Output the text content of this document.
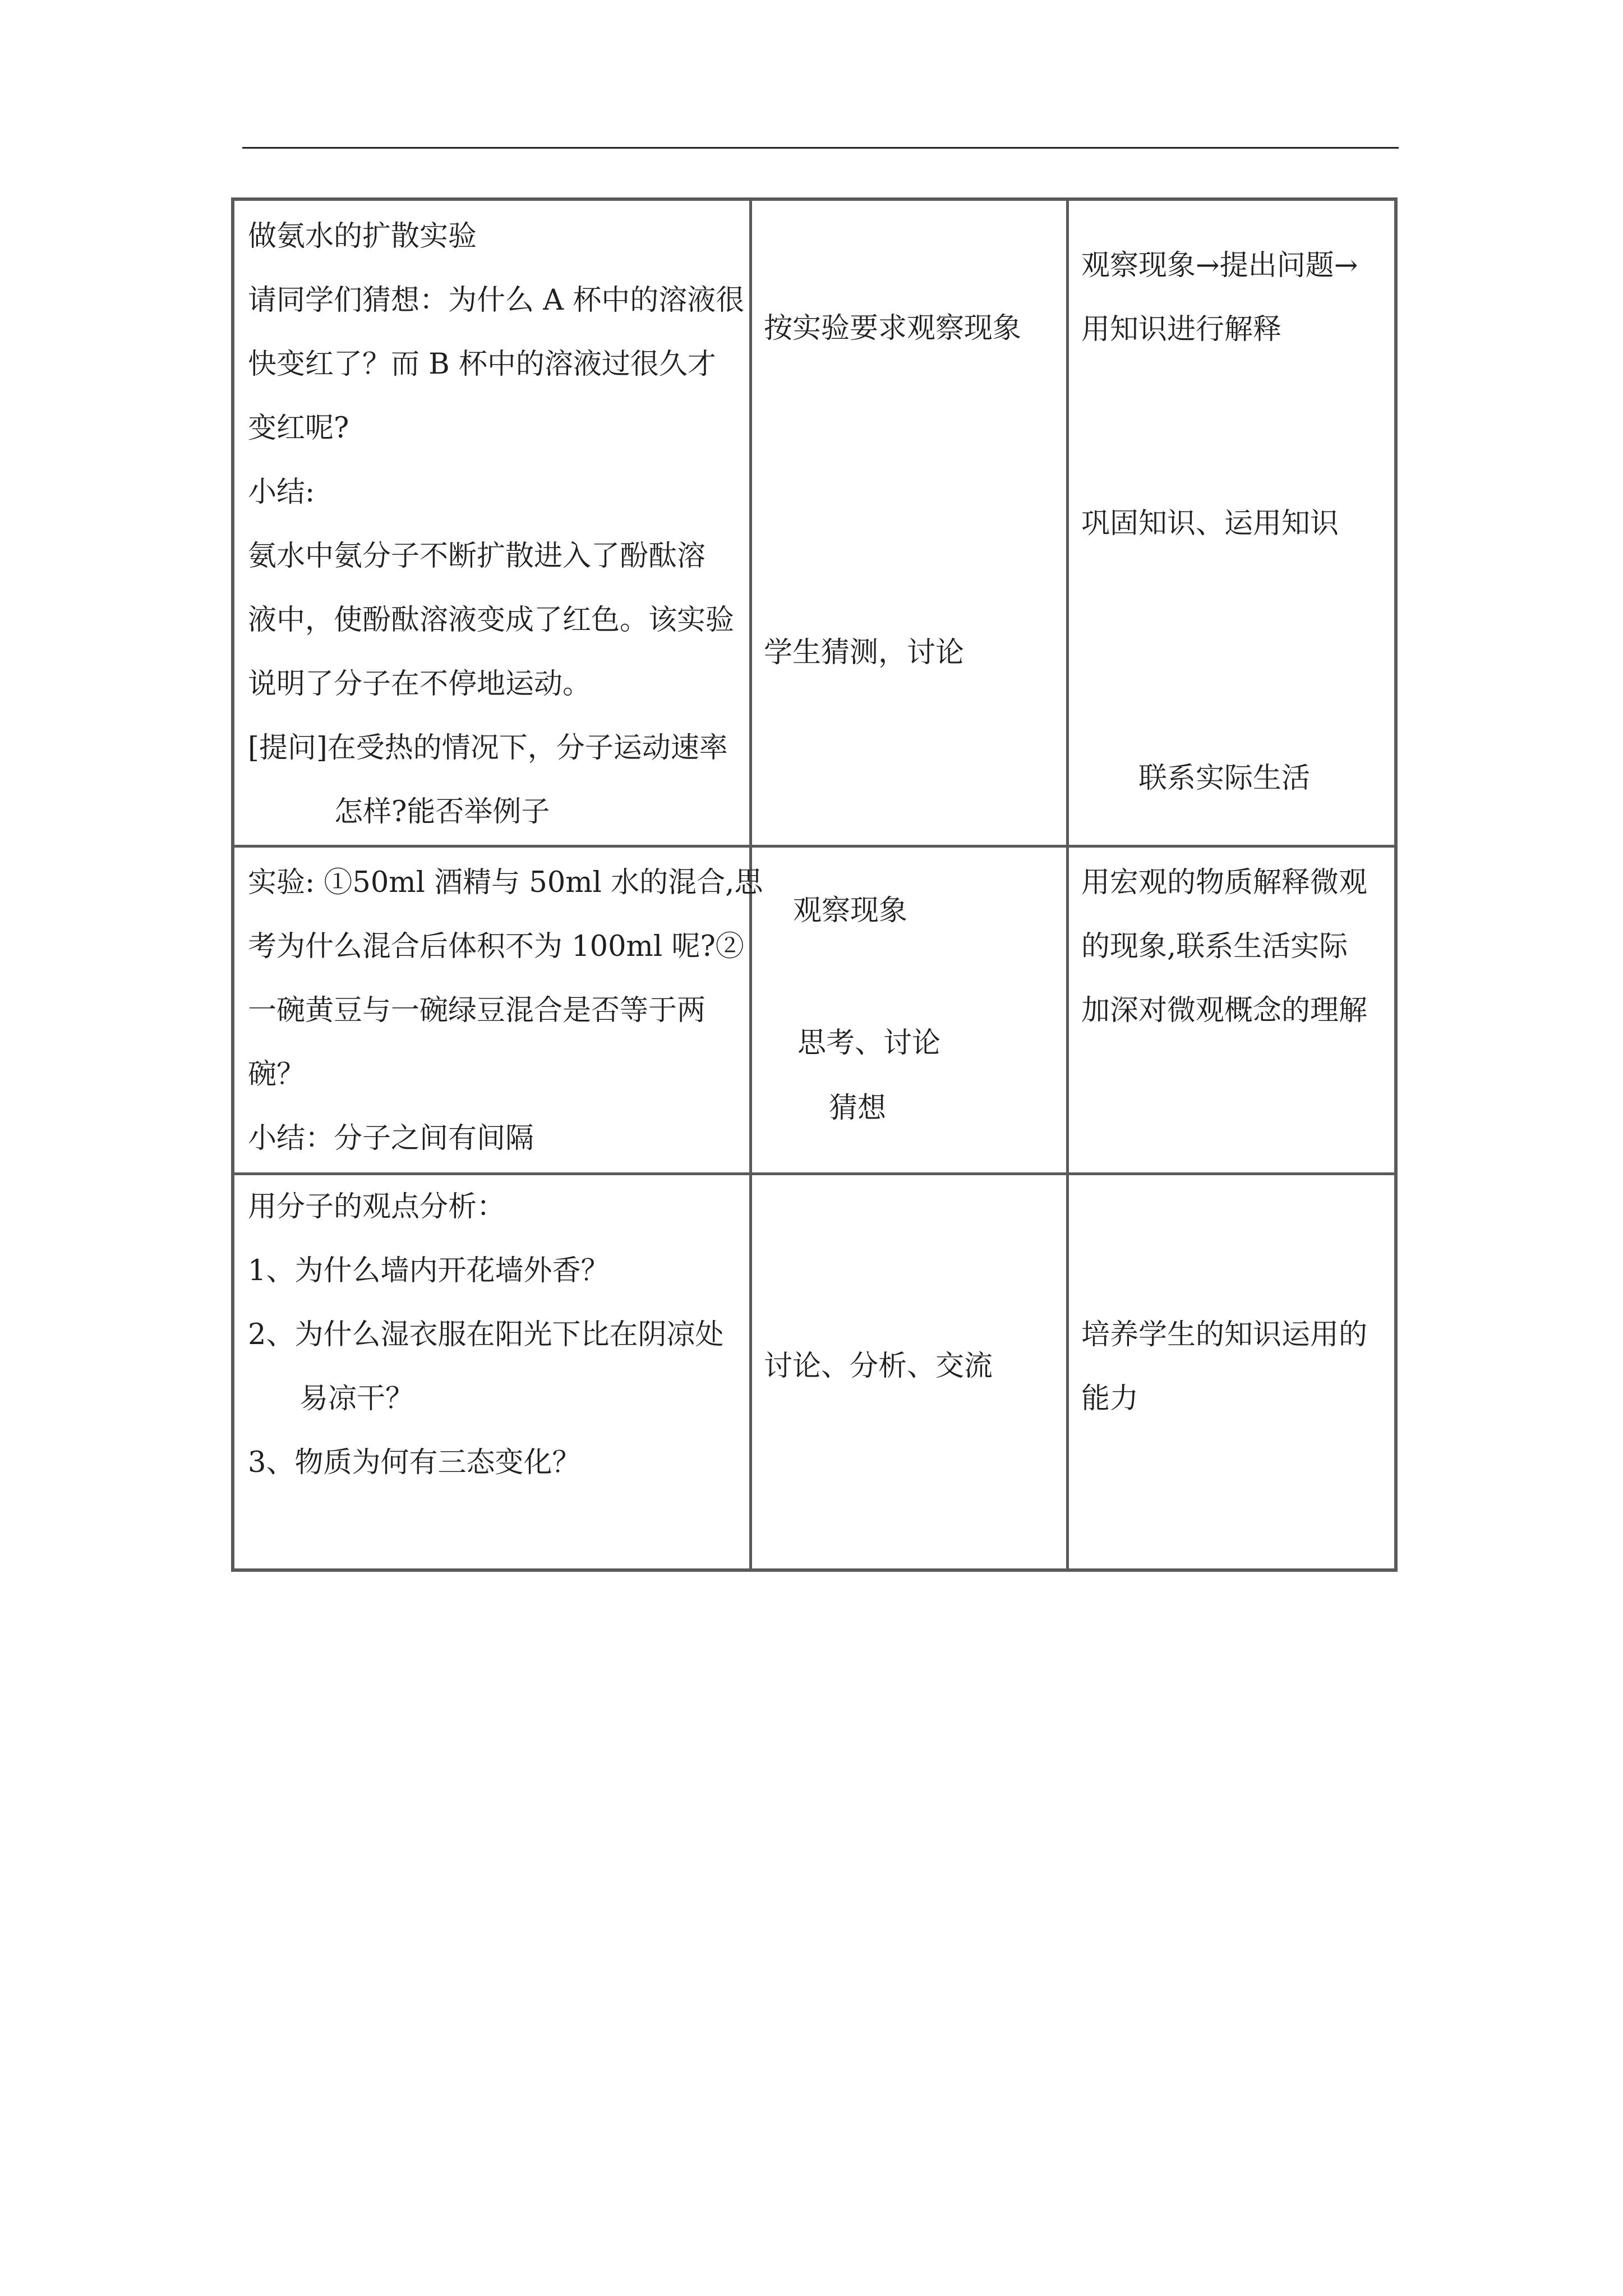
做氨水的扩散实验
请同学们猜想：为什么 A 杯中的溶液很
快变红了？而 B 杯中的溶液过很久才
变红呢?
小结:
氨水中氨分子不断扩散进入了酚酞溶
液中，使酚酞溶液变成了红色。该实验
说明了分子在不停地运动。
[提问]在受热的情况下，分子运动速率
怎样?能否举例子
按实验要求观察现象
学生猜测，讨论
观察现象→提出问题→
用知识进行解释
巩固知识、运用知识
联系实际生活
实验: ①50ml 酒精与 50ml 水的混合,思
考为什么混合后体积不为 100ml 呢?②
一碗黄豆与一碗绿豆混合是否等于两
碗？
小结：分子之间有间隔
观察现象
思考、讨论
猜想
用宏观的物质解释微观
的现象,联系生活实际
加深对微观概念的理解
用分子的观点分析：
1、为什么墙内开花墙外香？
2、为什么湿衣服在阳光下比在阴凉处
易凉干？
3、物质为何有三态变化？
讨论、分析、交流
培养学生的知识运用的
能力
